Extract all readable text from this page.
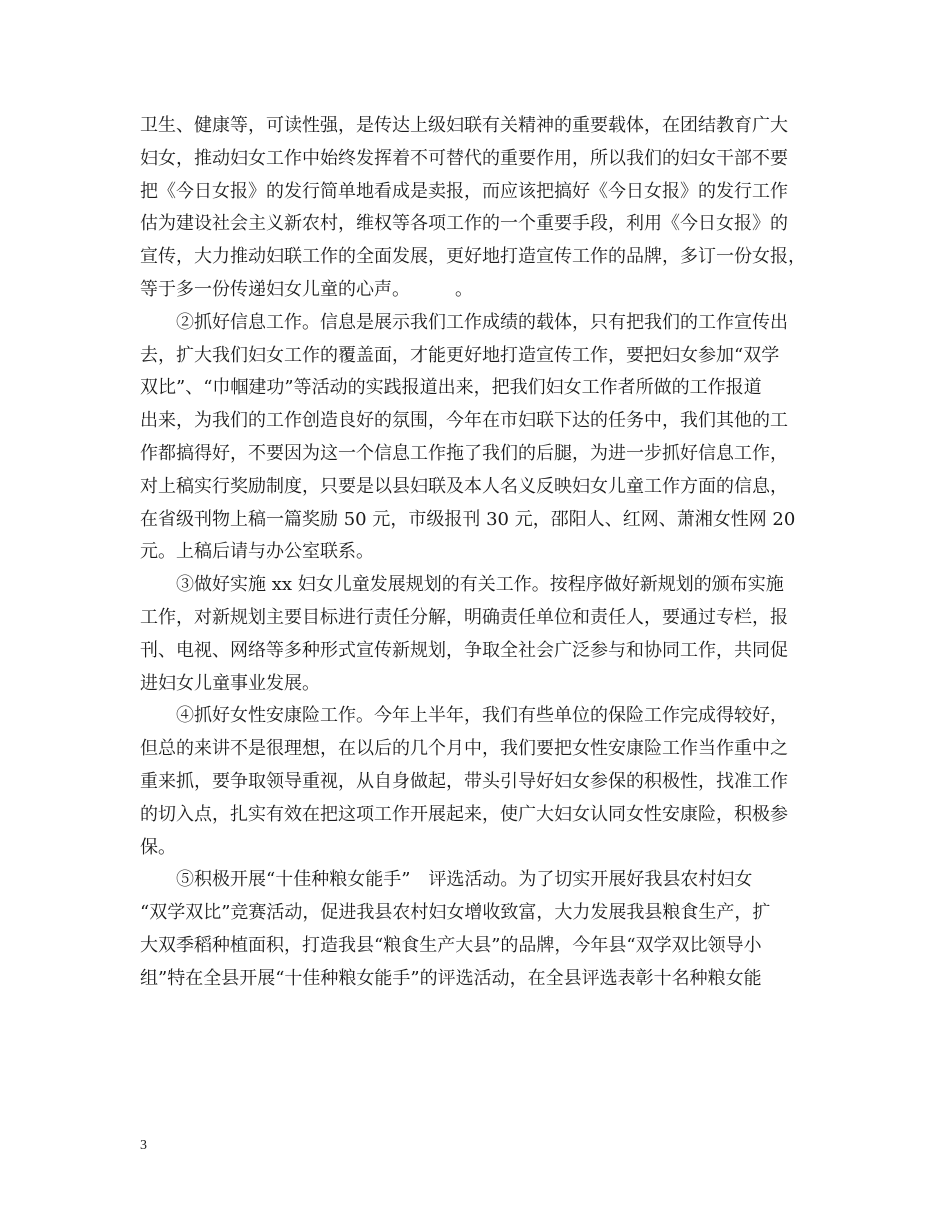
卫生、健康等，可读性强，是传达上级妇联有关精神的重要载体，在团结教育广大
妇女，推动妇女工作中始终发挥着不可替代的重要作用，所以我们的妇女干部不要
把《今日女报》的发行简单地看成是卖报，而应该把搞好《今日女报》的发行工作
估为建设社会主义新农村，维权等各项工作的一个重要手段，利用《今日女报》的
宣传，大力推动妇联工作的全面发展，更好地打造宣传工作的品牌，多订一份女报，
等于多一份传递妇女儿童的心声。　　　。
②抓好信息工作。信息是展示我们工作成绩的载体，只有把我们的工作宣传出
去，扩大我们妇女工作的覆盖面，才能更好地打造宣传工作，要把妇女参加“双学
双比”、“巾帼建功”等活动的实践报道出来，把我们妇女工作者所做的工作报道
出来，为我们的工作创造良好的氛围，今年在市妇联下达的任务中，我们其他的工
作都搞得好，不要因为这一个信息工作拖了我们的后腿，为进一步抓好信息工作，
对上稿实行奖励制度，只要是以县妇联及本人名义反映妇女儿童工作方面的信息，
在省级刊物上稿一篇奖励 50 元，市级报刊 30 元，邵阳人、红网、萧湘女性网 20
元。上稿后请与办公室联系。
③做好实施 xx 妇女儿童发展规划的有关工作。按程序做好新规划的颁布实施
工作，对新规划主要目标进行责任分解，明确责任单位和责任人，要通过专栏，报
刊、电视、网络等多种形式宣传新规划，争取全社会广泛参与和协同工作，共同促
进妇女儿童事业发展。
④抓好女性安康险工作。今年上半年，我们有些单位的保险工作完成得较好，
但总的来讲不是很理想，在以后的几个月中，我们要把女性安康险工作当作重中之
重来抓，要争取领导重视，从自身做起，带头引导好妇女参保的积极性，找准工作
的切入点，扎实有效在把这项工作开展起来，使广大妇女认同女性安康险，积极参
保。
⑤积极开展“十佳种粮女能手”　评选活动。为了切实开展好我县农村妇女
“双学双比”竞赛活动，促进我县农村妇女增收致富，大力发展我县粮食生产，扩
大双季稻种植面积，打造我县“粮食生产大县”的品牌，今年县“双学双比领导小
组”特在全县开展“十佳种粮女能手”的评选活动，在全县评选表彰十名种粮女能
3
